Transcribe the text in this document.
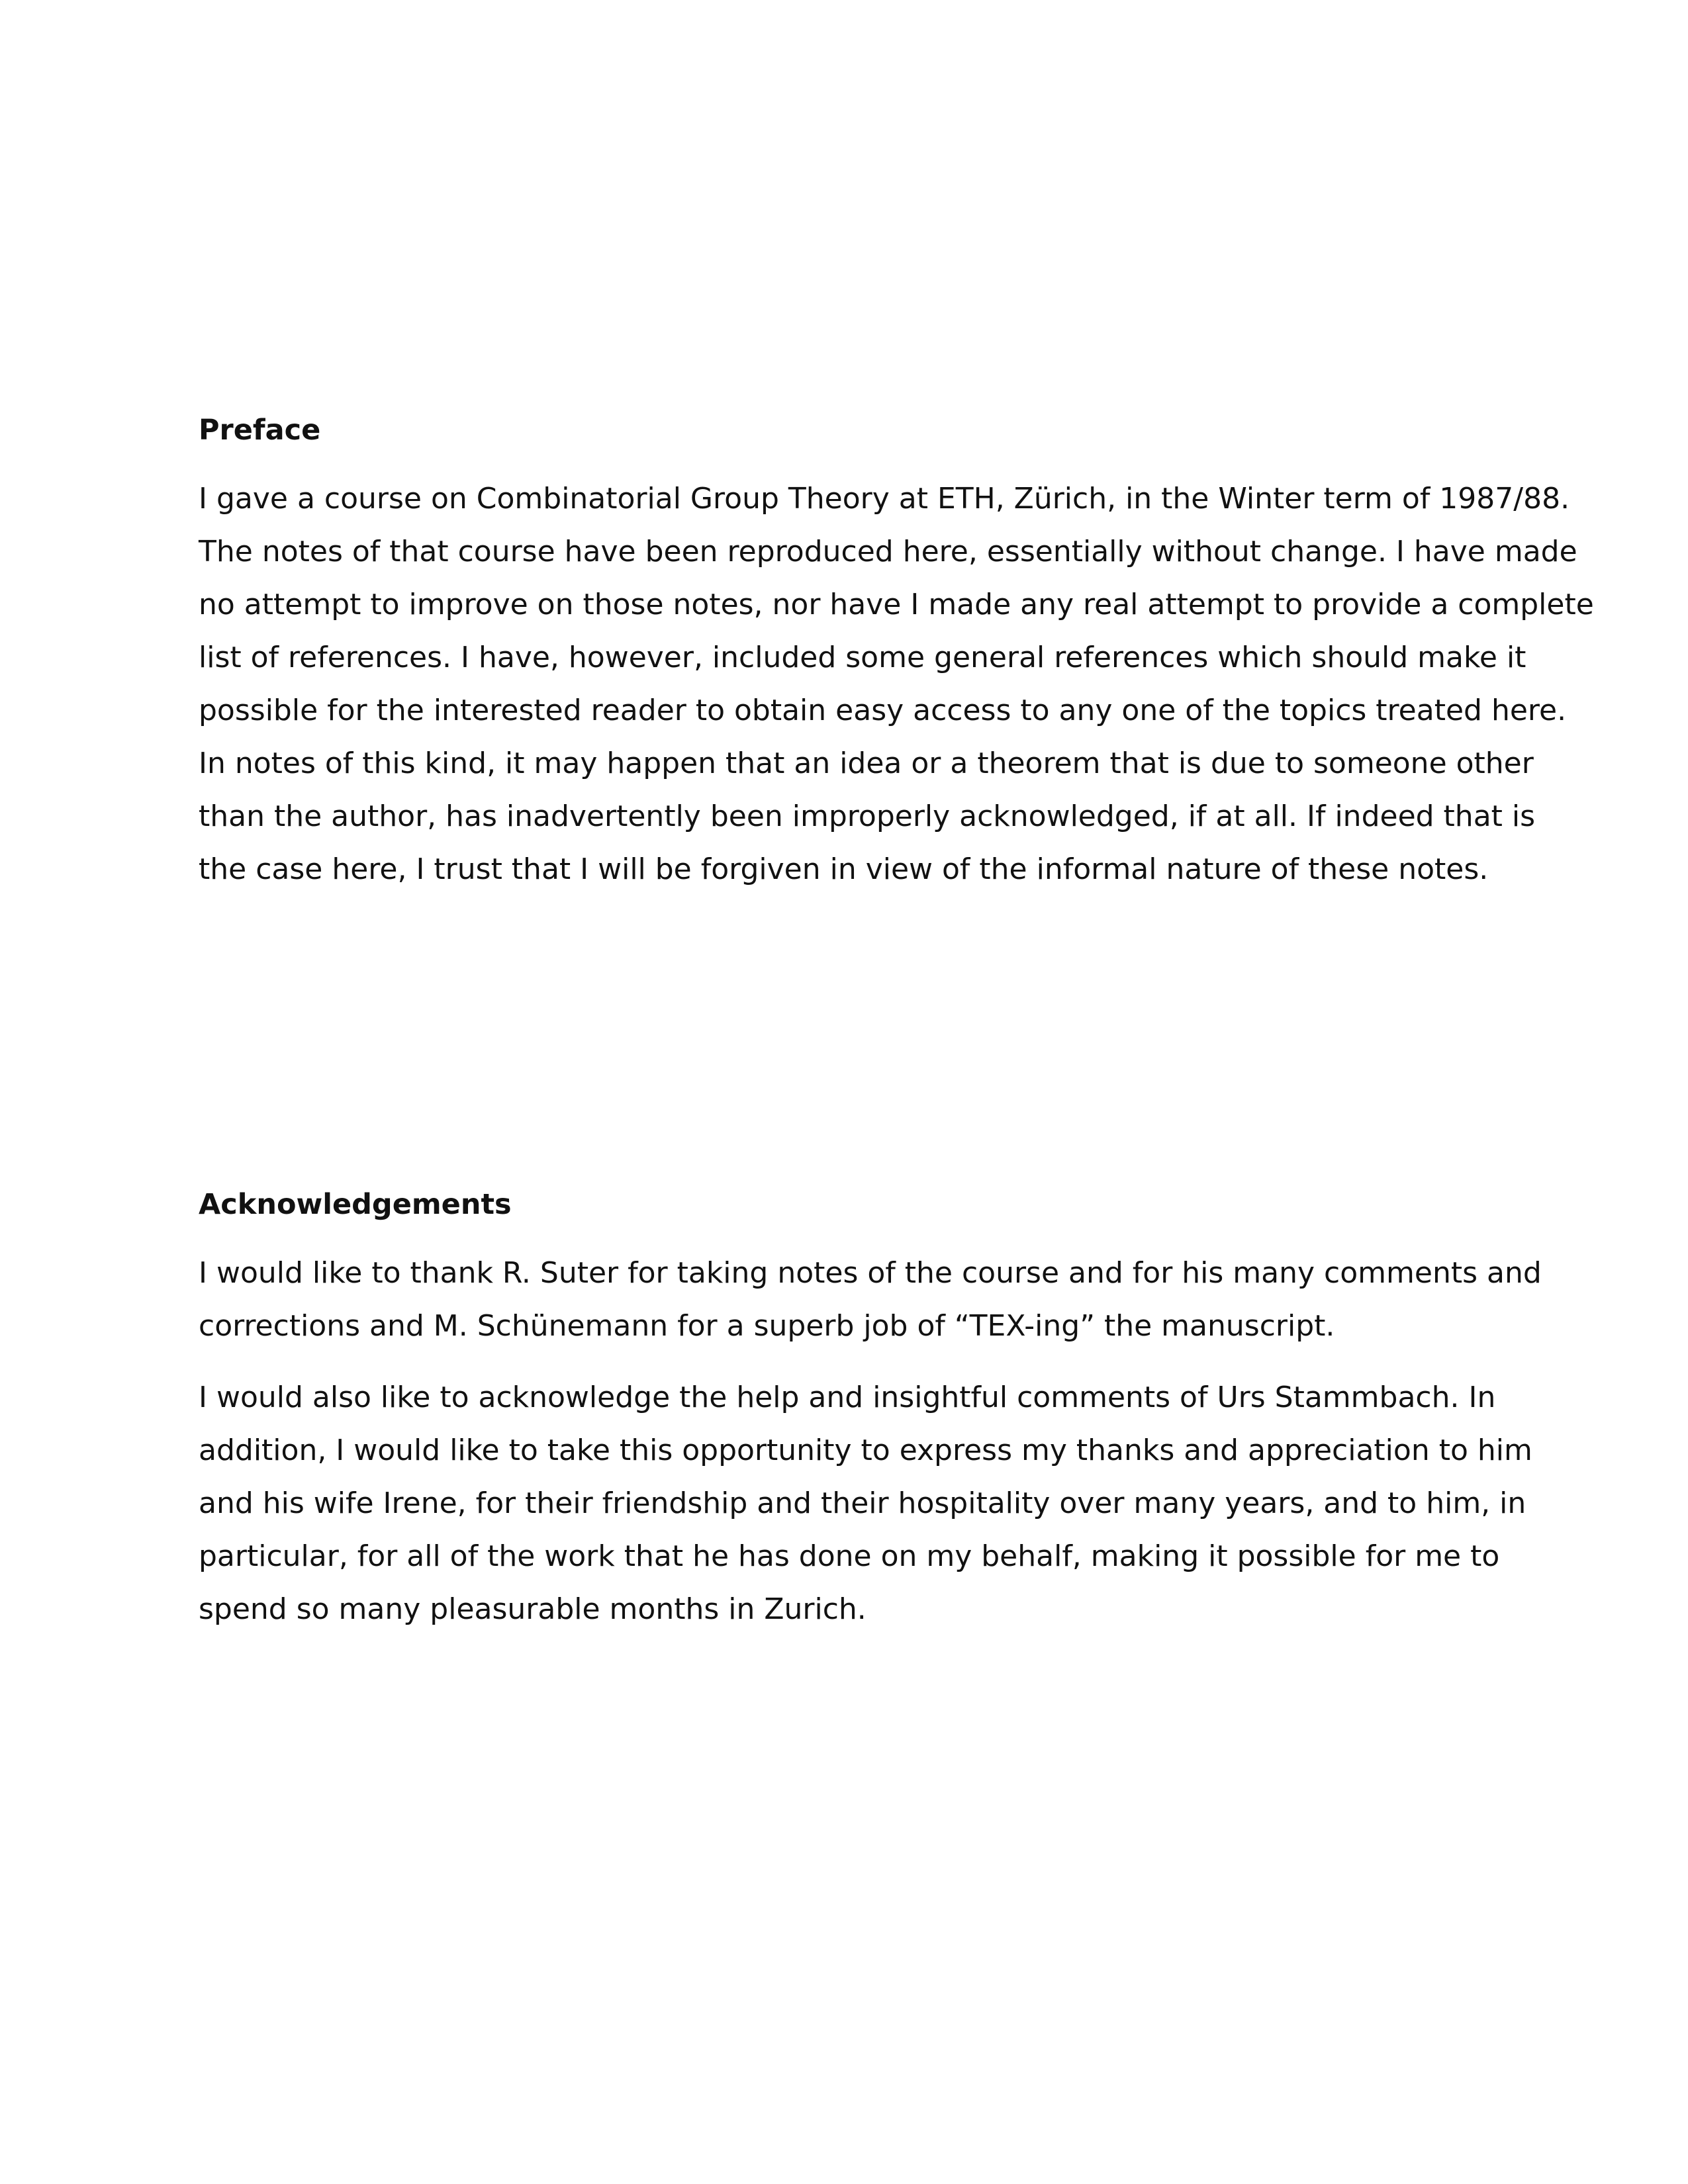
Preface

I gave a course on Combinatorial Group Theory at ETH, Zürich, in the Winter term of 1987/88.
The notes of that course have been reproduced here, essentially without change. I have made
no attempt to improve on those notes, nor have I made any real attempt to provide a complete
list of references. I have, however, included some general references which should make it
possible for the interested reader to obtain easy access to any one of the topics treated here.
In notes of this kind, it may happen that an idea or a theorem that is due to someone other
than the author, has inadvertently been improperly acknowledged, if at all. If indeed that is
the case here, I trust that I will be forgiven in view of the informal nature of these notes.

Acknowledgements

I would like to thank R. Suter for taking notes of the course and for his many comments and
corrections and M. Schünemann for a superb job of “TEX-ing” the manuscript.

I would also like to acknowledge the help and insightful comments of Urs Stammbach. In
addition, I would like to take this opportunity to express my thanks and appreciation to him
and his wife Irene, for their friendship and their hospitality over many years, and to him, in
particular, for all of the work that he has done on my behalf, making it possible for me to
spend so many pleasurable months in Zurich.
